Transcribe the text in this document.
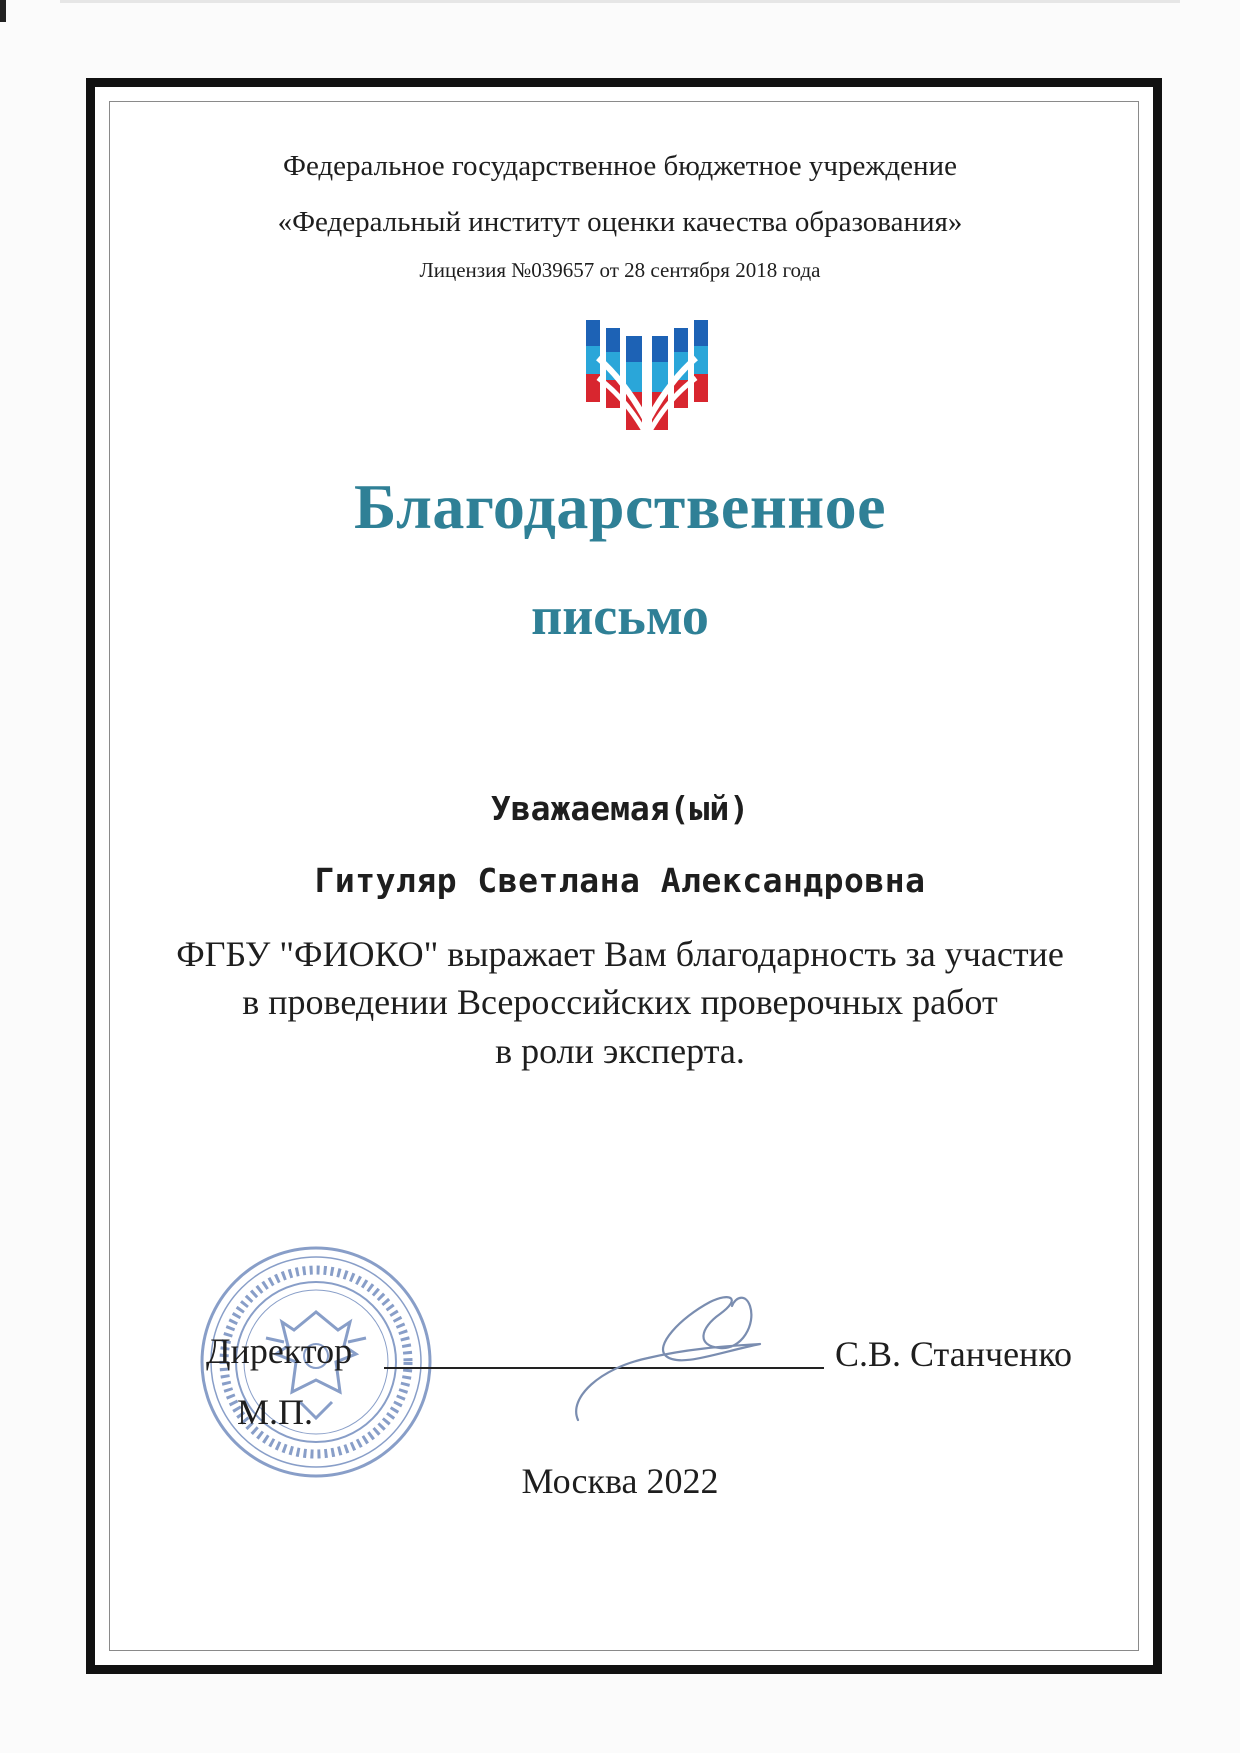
Федеральное государственное бюджетное учреждение
«Федеральный институт оценки качества образования»
Лицензия №039657 от 28 сентября 2018 года
Благодарственное
письмо
Уважаемая(ый)
Гитуляр Светлана Александровна
ФГБУ "ФИОКО" выражает Вам благодарность за участие
в проведении Всероссийских проверочных работ
в роли эксперта.
Директор
М.П.
С.В. Станченко
Москва 2022
